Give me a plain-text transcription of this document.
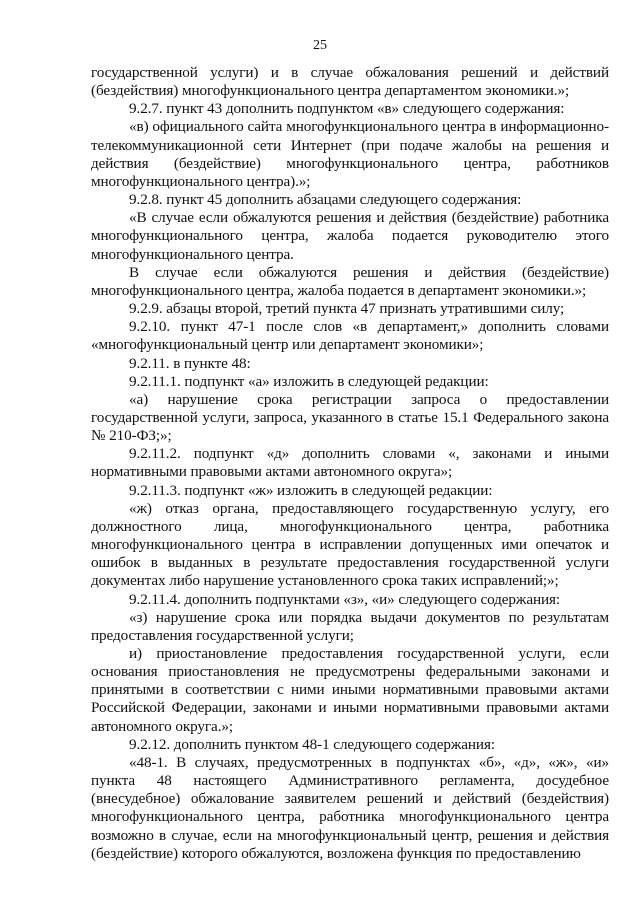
25

государственной услуги) и в случае обжалования решений и действий (бездействия) многофункционального центра департаментом экономики.»;

9.2.7. пункт 43 дополнить подпунктом «в» следующего содержания:

«в) официального сайта многофункционального центра в информационно-телекоммуникационной сети Интернет (при подаче жалобы на решения и действия (бездействие) многофункционального центра, работников многофункционального центра).»;

9.2.8. пункт 45 дополнить абзацами следующего содержания:

«В случае если обжалуются решения и действия (бездействие) работника многофункционального центра, жалоба подается руководителю этого многофункционального центра.

В случае если обжалуются решения и действия (бездействие) многофункционального центра, жалоба подается в департамент экономики.»;

9.2.9. абзацы второй, третий пункта 47 признать утратившими силу;

9.2.10. пункт 47-1 после слов «в департамент,» дополнить словами «многофункциональный центр или департамент экономики»;

9.2.11. в пункте 48:

9.2.11.1. подпункт «а» изложить в следующей редакции:

«а) нарушение срока регистрации запроса о предоставлении государственной услуги, запроса, указанного в статье 15.1 Федерального закона № 210-ФЗ;»;

9.2.11.2. подпункт «д» дополнить словами «, законами и иными нормативными правовыми актами автономного округа»;

9.2.11.3. подпункт «ж» изложить в следующей редакции:

«ж) отказ органа, предоставляющего государственную услугу, его должностного лица, многофункционального центра, работника многофункционального центра в исправлении допущенных ими опечаток и ошибок в выданных в результате предоставления государственной услуги документах либо нарушение установленного срока таких исправлений;»;

9.2.11.4. дополнить подпунктами «з», «и» следующего содержания:

«з) нарушение срока или порядка выдачи документов по результатам предоставления государственной услуги;

и) приостановление предоставления государственной услуги, если основания приостановления не предусмотрены федеральными законами и принятыми в соответствии с ними иными нормативными правовыми актами Российской Федерации, законами и иными нормативными правовыми актами автономного округа.»;

9.2.12. дополнить пунктом 48-1 следующего содержания:

«48-1. В случаях, предусмотренных в подпунктах «б», «д», «ж», «и» пункта 48 настоящего Административного регламента, досудебное (внесудебное) обжалование заявителем решений и действий (бездействия) многофункционального центра, работника многофункционального центра возможно в случае, если на многофункциональный центр, решения и действия (бездействие) которого обжалуются, возложена функция по предоставлению
